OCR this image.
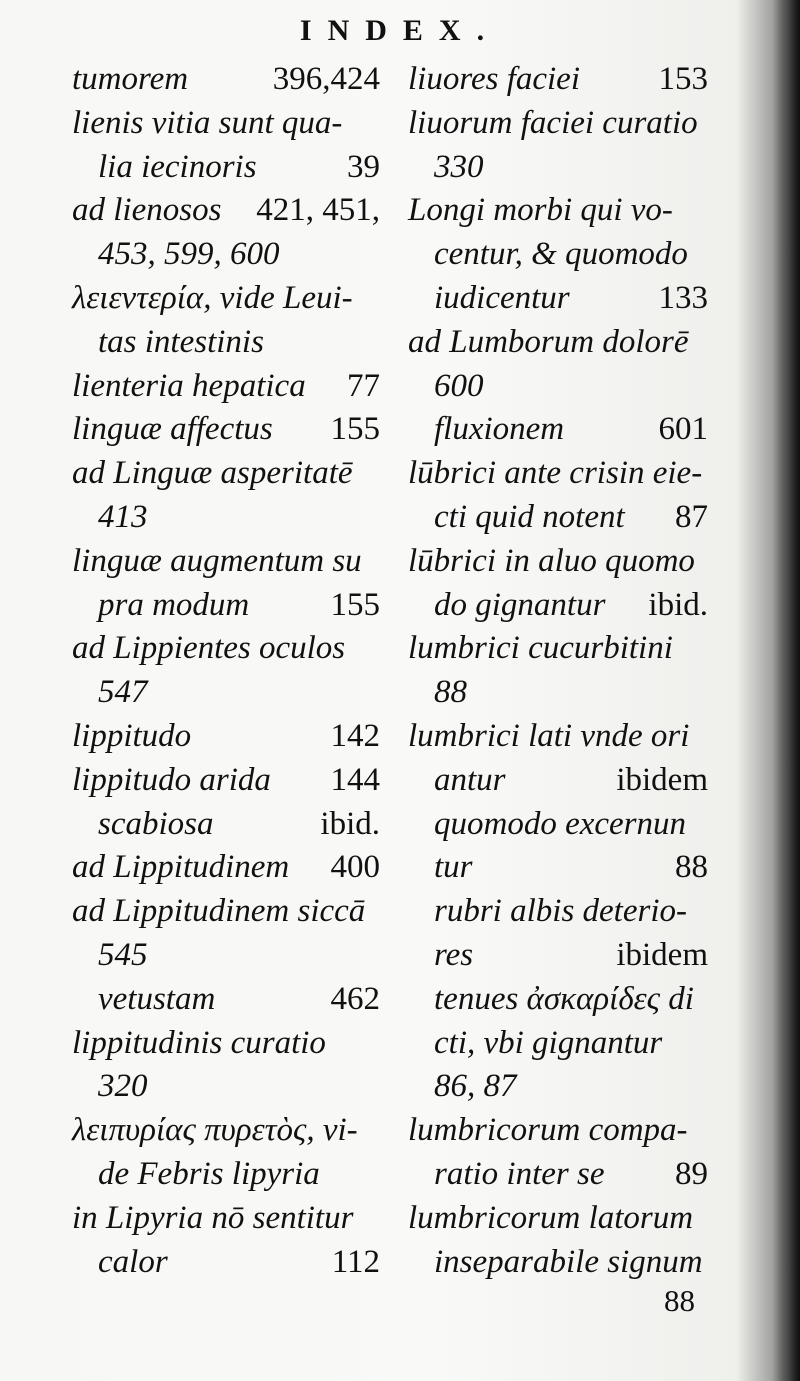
INDEX.
tumorem	396,424
lienis vitia sunt qua-
lia iecinoris	39
ad lienosos 421, 451,
453, 599, 600
λειεντερία, vide Leui-
tas intestinis
lienteria hepatica 77
linguæ affectus 155
ad Linguæ asperitatē
413
linguæ augmentum su
pra modum 155
ad Lippientes oculos
547
lippitudo	142
lippitudo arida 144
scabiosa	ibid.
ad Lippitudinem 400
ad Lippitudinem siccā
545
vetustam	462
lippitudinis curatio
320
λειπυρίας πυρετὸς, vi-
de Febris lipyria
in Lipyria nō sentitur
calor	112
liuores faciei 153
liuorum faciei curatio
330
Longi morbi qui vo-
centur, & quomodo
iudicentur	133
ad Lumborum dolorē
600
fluxionem	601
lūbrici ante crisin eie-
cti quid notent 87
lūbrici in aluo quomo
do gignantur ibid.
lumbrici cucurbitini
88
lumbrici lati vnde ori
antur	ibidem
quomodo excernun
tur	88
rubri albis deterio-
res	ibidem
tenues ἀσκαρίδες di
cti, vbi gignantur
86, 87
lumbricorum compa-
ratio inter se 89
lumbricorum latorum
inseparabile signum
88
